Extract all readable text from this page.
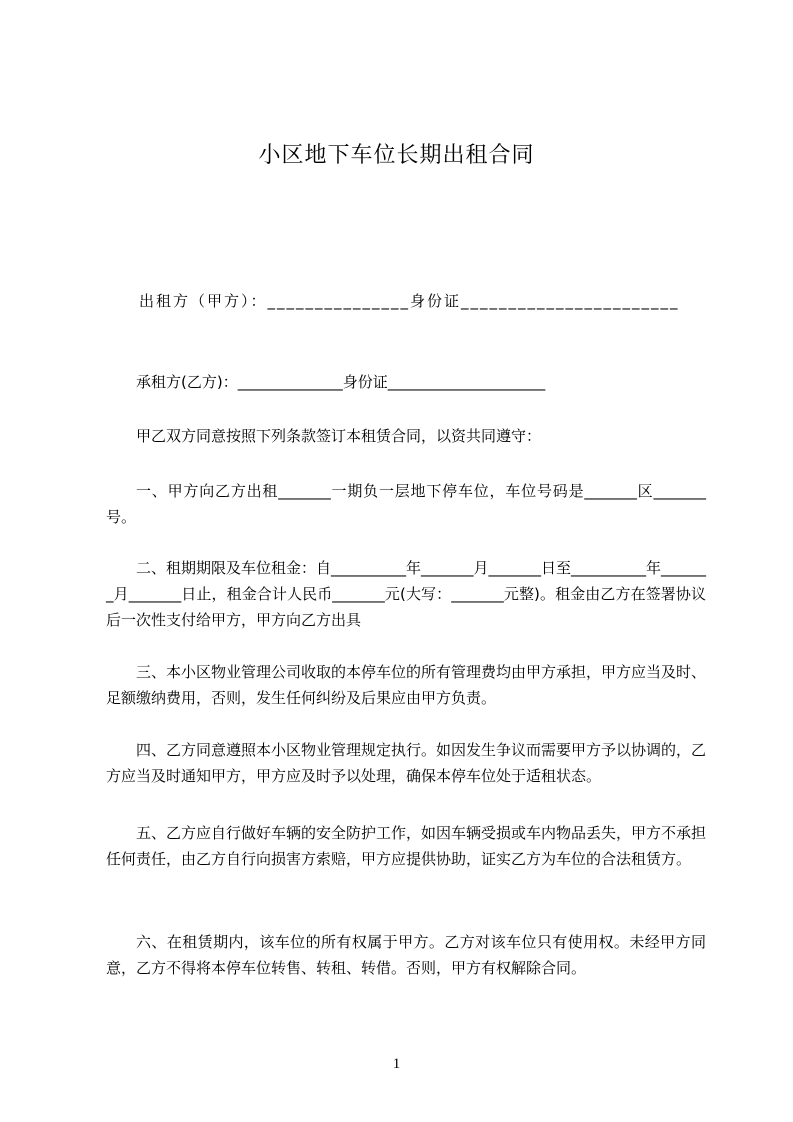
小区地下车位长期出租合同
出租方（甲方）：_______________身份证_______________________
承租方(乙方)：______________身份证_____________________
甲乙双方同意按照下列条款签订本租赁合同，以资共同遵守：
一、甲方向乙方出租_______一期负一层地下停车位，车位号码是_______区_______号。
二、租期期限及车位租金：自__________年_______月_______日至__________年_______月_______日止，租金合计人民币_______元(大写：_______元整)。租金由乙方在签署协议后一次性支付给甲方，甲方向乙方出具
三、本小区物业管理公司收取的本停车位的所有管理费均由甲方承担，甲方应当及时、足额缴纳费用，否则，发生任何纠纷及后果应由甲方负责。
四、乙方同意遵照本小区物业管理规定执行。如因发生争议而需要甲方予以协调的，乙方应当及时通知甲方，甲方应及时予以处理，确保本停车位处于适租状态。
五、乙方应自行做好车辆的安全防护工作，如因车辆受损或车内物品丢失，甲方不承担任何责任，由乙方自行向损害方索赔，甲方应提供协助，证实乙方为车位的合法租赁方。
六、在租赁期内，该车位的所有权属于甲方。乙方对该车位只有使用权。未经甲方同意，乙方不得将本停车位转售、转租、转借。否则，甲方有权解除合同。
1
